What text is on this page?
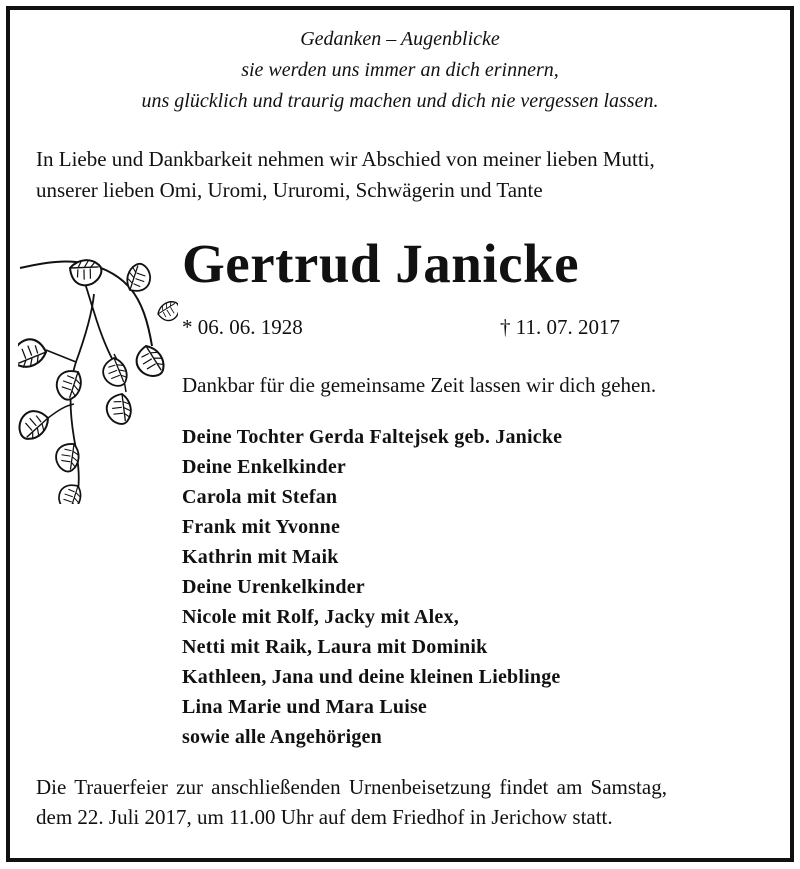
Gedanken – Augenblicke
sie werden uns immer an dich erinnern,
uns glücklich und traurig machen und dich nie vergessen lassen.
In Liebe und Dankbarkeit nehmen wir Abschied von meiner lieben Mutti,
unserer lieben Omi, Uromi, Ururomi, Schwägerin und Tante
Gertrud Janicke
* 06. 06. 1928	† 11. 07. 2017
Dankbar für die gemeinsame Zeit lassen wir dich gehen.
Deine Tochter Gerda Faltejsek geb. Janicke
Deine Enkelkinder
Carola mit Stefan
Frank mit Yvonne
Kathrin mit Maik
Deine Urenkelkinder
Nicole mit Rolf, Jacky mit Alex,
Netti mit Raik, Laura mit Dominik
Kathleen, Jana und deine kleinen Lieblinge
Lina Marie und Mara Luise
sowie alle Angehörigen
Die Trauerfeier zur anschließenden Urnenbeisetzung findet am Samstag,
dem 22. Juli 2017, um 11.00 Uhr auf dem Friedhof in Jerichow statt.
